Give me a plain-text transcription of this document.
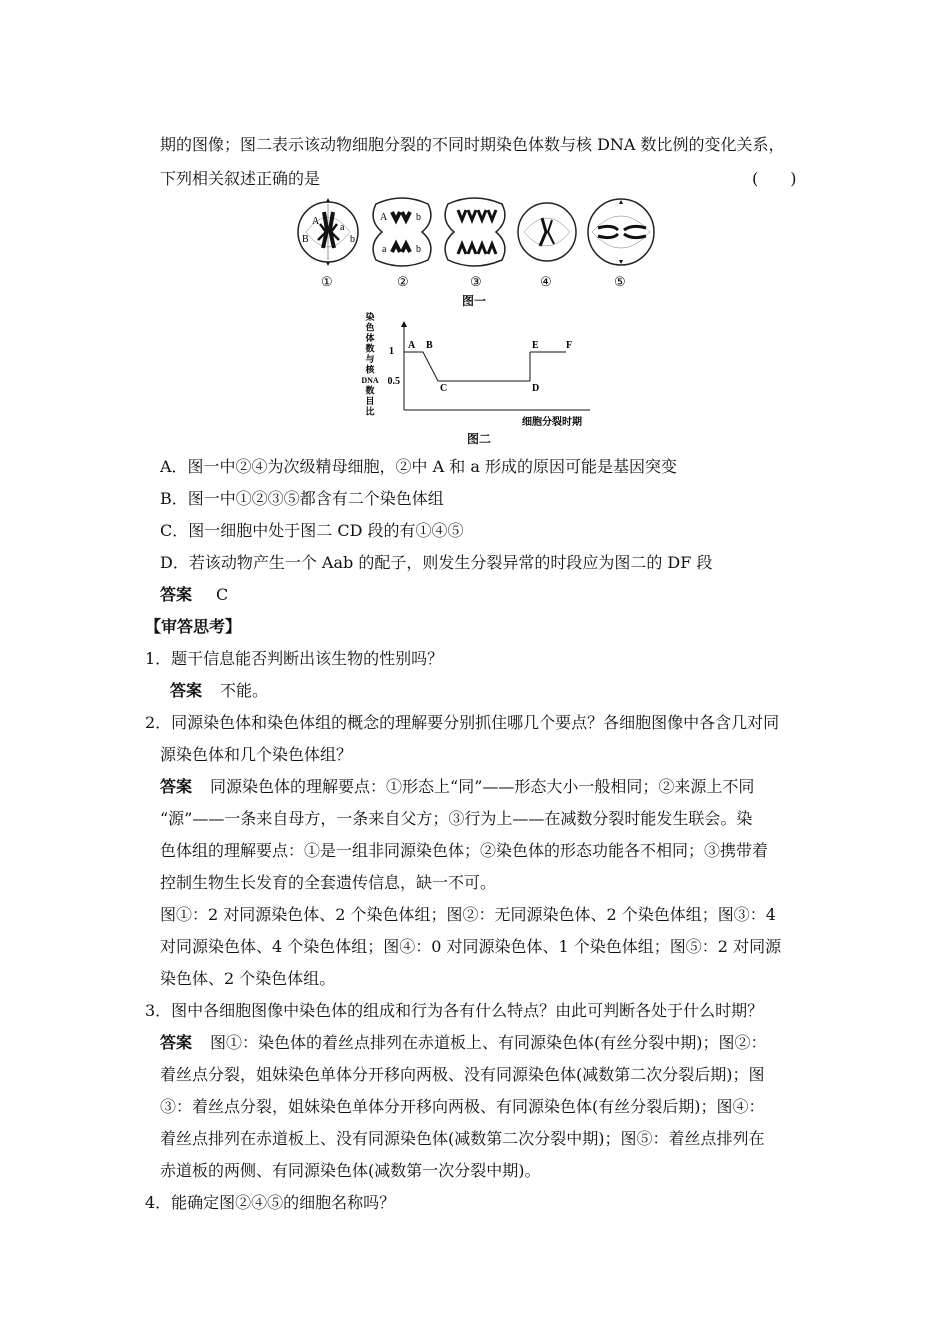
期的图像；图二表示该动物细胞分裂的不同时期染色体数与核 DNA 数比例的变化关系，
下列相关叙述正确的是	(　　)
A
a
B	b
A	b
a	b
①	②	③	④	⑤
图一
染
色
体
数
与
核
DNA
数
目
比
1
0.5
A B
C	D
E	F
细胞分裂时期
图二
A．图一中②④为次级精母细胞，②中 A 和 a 形成的原因可能是基因突变
B．图一中①②③⑤都含有二个染色体组
C．图一细胞中处于图二 CD 段的有①④⑤
D．若该动物产生一个 Aab 的配子，则发生分裂异常的时段应为图二的 DF 段
答案 C
【审答思考】
1．题干信息能否判断出该生物的性别吗？
答案 不能。
2．同源染色体和染色体组的概念的理解要分别抓住哪几个要点？各细胞图像中各含几对同
源染色体和几个染色体组？
答案 同源染色体的理解要点：①形态上“同”——形态大小一般相同；②来源上不同
“源”——一条来自母方，一条来自父方；③行为上——在减数分裂时能发生联会。染
色体组的理解要点：①是一组非同源染色体；②染色体的形态功能各不相同；③携带着
控制生物生长发育的全套遗传信息，缺一不可。
图①：2 对同源染色体、2 个染色体组；图②：无同源染色体、2 个染色体组；图③：4
对同源染色体、4 个染色体组；图④：0 对同源染色体、1 个染色体组；图⑤：2 对同源
染色体、2 个染色体组。
3．图中各细胞图像中染色体的组成和行为各有什么特点？由此可判断各处于什么时期？
答案 图①：染色体的着丝点排列在赤道板上、有同源染色体(有丝分裂中期)；图②：
着丝点分裂，姐妹染色单体分开移向两极、没有同源染色体(减数第二次分裂后期)；图
③：着丝点分裂，姐妹染色单体分开移向两极、有同源染色体(有丝分裂后期)；图④：
着丝点排列在赤道板上、没有同源染色体(减数第二次分裂中期)；图⑤：着丝点排列在
赤道板的两侧、有同源染色体(减数第一次分裂中期)。
4．能确定图②④⑤的细胞名称吗？
